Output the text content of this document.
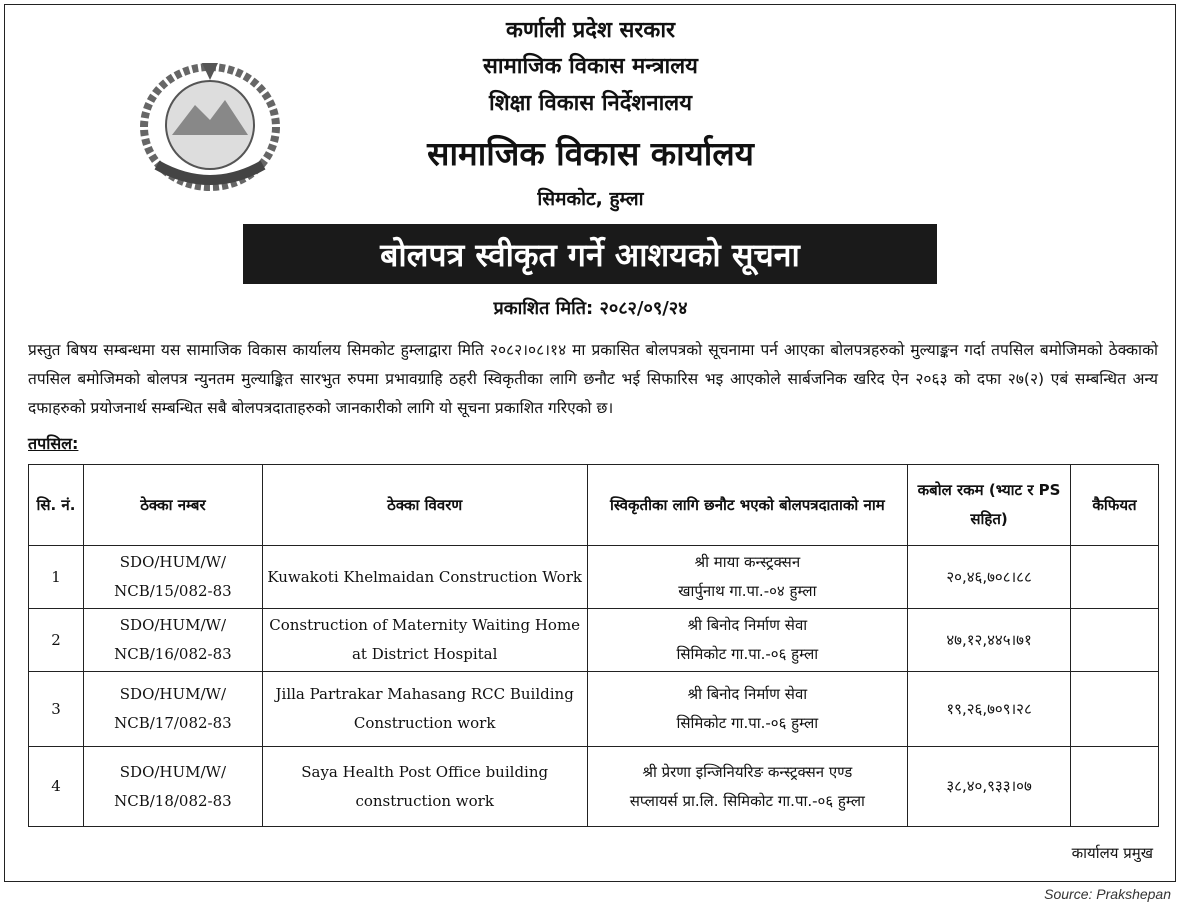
कर्णाली प्रदेश सरकार
सामाजिक विकास मन्त्रालय
शिक्षा विकास निर्देशनालय
सामाजिक विकास कार्यालय
सिमकोट, हुम्ला
बोलपत्र स्वीकृत गर्ने आशयको सूचना
प्रकाशित मिति: २०८२/०९/२४
प्रस्तुत बिषय सम्बन्धमा यस सामाजिक विकास कार्यालय सिमकोट हुम्लाद्वारा मिति २०८२।०८।१४ मा प्रकासित बोलपत्रको सूचनामा पर्न आएका बोलपत्रहरुको मुल्याङ्कन गर्दा तपसिल बमोजिमको ठेक्काको तपसिल बमोजिमको बोलपत्र न्युनतम मुल्याङ्कित सारभुत रुपमा प्रभावग्राहि ठहरी स्विकृतीका लागि छनौट भई सिफारिस भइ आएकोले सार्बजनिक खरिद ऐन २०६३ को दफा २७(२) एबं सम्बन्धित अन्य दफाहरुको प्रयोजनार्थ सम्बन्धित सबै बोलपत्रदाताहरुको जानकारीको लागि यो सूचना प्रकाशित गरिएको छ।
तपसिल:
सि. नं.	ठेक्का नम्बर	ठेक्का विवरण	स्विकृतीका लागि छनौट भएको बोलपत्रदाताको नाम	कबोल रकम (भ्याट र PS सहित)	कैफियत
1	SDO/HUM/W/ NCB/15/082-83	Kuwakoti Khelmaidan Construction Work	श्री माया कन्स्ट्रक्सन
खार्पुनाथ गा.पा.-०४ हुम्ला	२०,४६,७०८।८८	
2	SDO/HUM/W/ NCB/16/082-83	Construction of Maternity Waiting Home at District Hospital	श्री बिनोद निर्माण सेवा
सिमिकोट गा.पा.-०६ हुम्ला	४७,१२,४४५।७१	
3	SDO/HUM/W/ NCB/17/082-83	Jilla Partrakar Mahasang RCC Building Construction work	श्री बिनोद निर्माण सेवा
सिमिकोट गा.पा.-०६ हुम्ला	१९,२६,७०९।२८	
4	SDO/HUM/W/ NCB/18/082-83	Saya Health Post Office building construction work	श्री प्रेरणा इन्जिनियरिङ कन्स्ट्रक्सन एण्ड
सप्लायर्स प्रा.लि. सिमिकोट गा.पा.-०६ हुम्ला	३८,४०,९३३।०७	
कार्यालय प्रमुख
Source: Prakshepan
